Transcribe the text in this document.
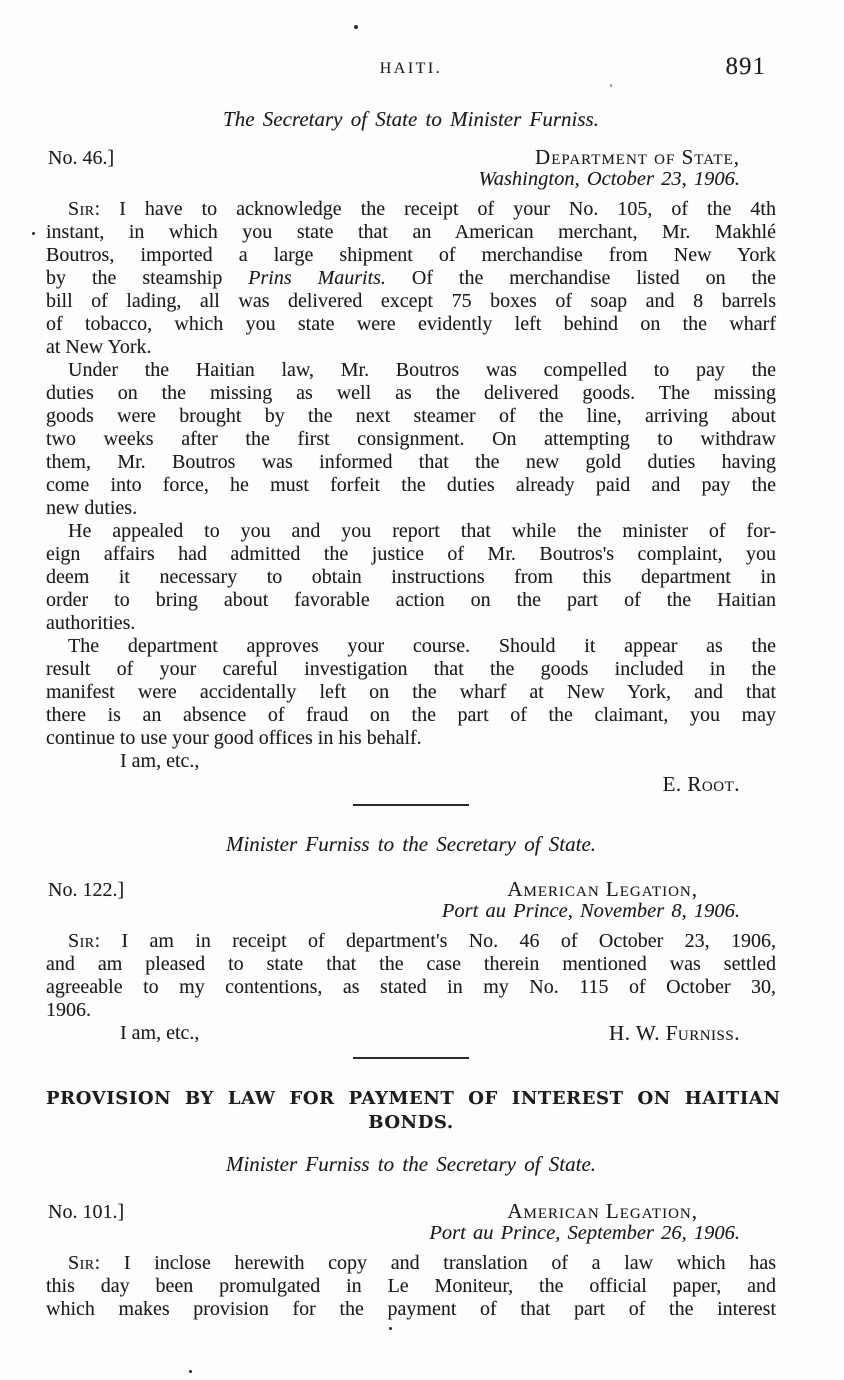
HAITI.	891
The Secretary of State to Minister Furniss.
No. 46.]	Department of State,
Washington, October 23, 1906.
Sir: I have to acknowledge the receipt of your No. 105, of the 4th
instant, in which you state that an American merchant, Mr. Makhlé
Boutros, imported a large shipment of merchandise from New York
by the steamship Prins Maurits. Of the merchandise listed on the
bill of lading, all was delivered except 75 boxes of soap and 8 barrels
of tobacco, which you state were evidently left behind on the wharf
at New York.
Under the Haitian law, Mr. Boutros was compelled to pay the
duties on the missing as well as the delivered goods. The missing
goods were brought by the next steamer of the line, arriving about
two weeks after the first consignment. On attempting to withdraw
them, Mr. Boutros was informed that the new gold duties having
come into force, he must forfeit the duties already paid and pay the
new duties.
He appealed to you and you report that while the minister of for-
eign affairs had admitted the justice of Mr. Boutros's complaint, you
deem it necessary to obtain instructions from this department in
order to bring about favorable action on the part of the Haitian
authorities.
The department approves your course. Should it appear as the
result of your careful investigation that the goods included in the
manifest were accidentally left on the wharf at New York, and that
there is an absence of fraud on the part of the claimant, you may
continue to use your good offices in his behalf.
I am, etc.,
E. Root.
Minister Furniss to the Secretary of State.
No. 122.]	American Legation,
Port au Prince, November 8, 1906.
Sir: I am in receipt of department's No. 46 of October 23, 1906,
and am pleased to state that the case therein mentioned was settled
agreeable to my contentions, as stated in my No. 115 of October 30,
1906.
I am, etc.,	H. W. Furniss.
PROVISION BY LAW FOR PAYMENT OF INTEREST ON HAITIAN
BONDS.
Minister Furniss to the Secretary of State.
No. 101.]	American Legation,
Port au Prince, September 26, 1906.
Sir: I inclose herewith copy and translation of a law which has
this day been promulgated in Le Moniteur, the official paper, and
which makes provision for the payment of that part of the interest
